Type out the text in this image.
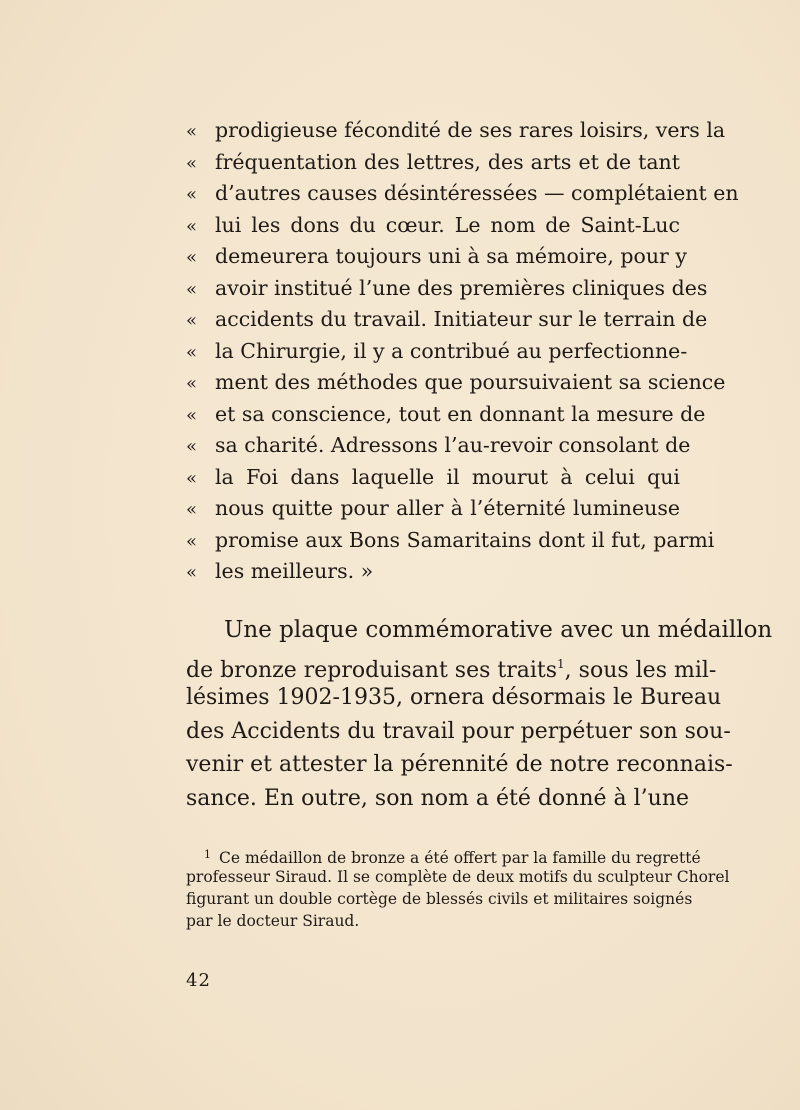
« prodigieuse fécondité de ses rares loisirs, vers la
« fréquentation des lettres, des arts et de tant
« d’autres causes désintéressées — complétaient en
« lui les dons du cœur. Le nom de Saint-Luc
« demeurera toujours uni à sa mémoire, pour y
« avoir institué l’une des premières cliniques des
« accidents du travail. Initiateur sur le terrain de
« la Chirurgie, il y a contribué au perfectionne-
« ment des méthodes que poursuivaient sa science
« et sa conscience, tout en donnant la mesure de
« sa charité. Adressons l’au-revoir consolant de
« la Foi dans laquelle il mourut à celui qui
« nous quitte pour aller à l’éternité lumineuse
« promise aux Bons Samaritains dont il fut, parmi
« les meilleurs. »
Une plaque commémorative avec un médaillon
de bronze reproduisant ses traits$^1$, sous les mil-
lésimes 1902-1935, ornera désormais le Bureau
des Accidents du travail pour perpétuer son sou-
venir et attester la pérennité de notre reconnais-
sance. En outre, son nom a été donné à l’une
$^1$ Ce médaillon de bronze a été offert par la famille du regretté
professeur Siraud. Il se complète de deux motifs du sculpteur Chorel
figurant un double cortège de blessés civils et militaires soignés
par le docteur Siraud.
42
